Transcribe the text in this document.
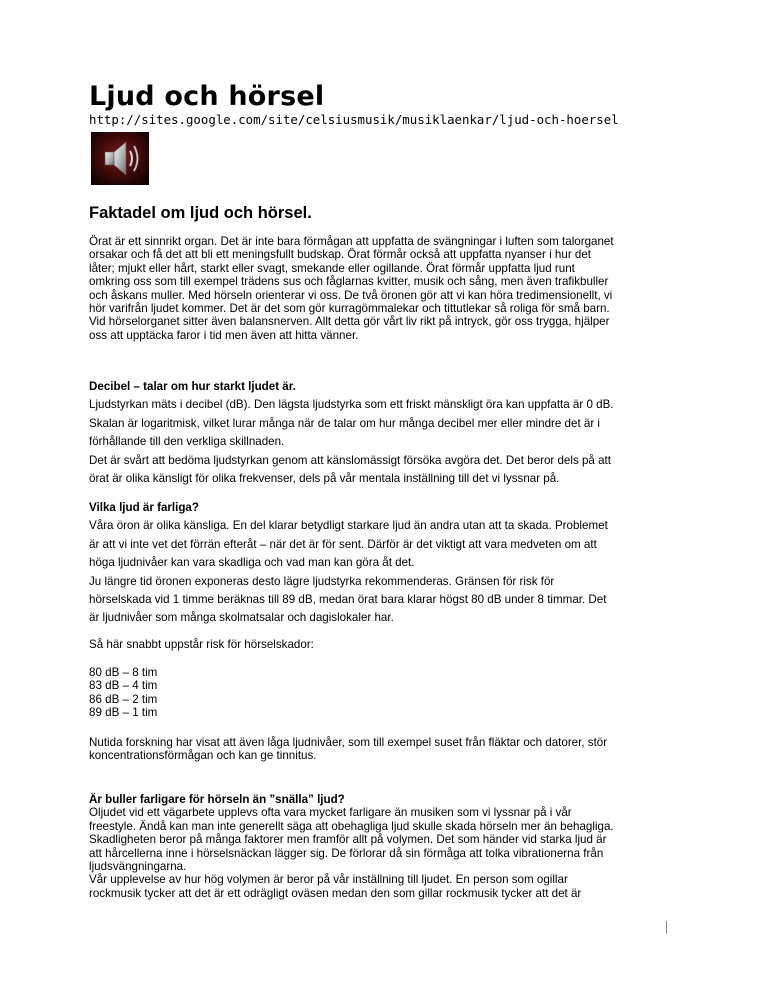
Ljud och hörsel
http://sites.google.com/site/celsiusmusik/musiklaenkar/ljud-och-hoersel
Faktadel om ljud och hörsel.

Örat är ett sinnrikt organ. Det är inte bara förmågan att uppfatta de svängningar i luften som talorganet

orsakar och få det att bli ett meningsfullt budskap. Örat förmår också att uppfatta nyanser i hur det

låter; mjukt eller hårt, starkt eller svagt, smekande eller ogillande. Örat förmår uppfatta ljud runt

omkring oss som till exempel trädens sus och fåglarnas kvitter, musik och sång, men även trafikbuller

och åskans muller. Med hörseln orienterar vi oss. De två öronen gör att vi kan höra tredimensionellt, vi

hör varifrån ljudet kommer. Det är det som gör kurragömmalekar och tittutlekar så roliga för små barn.

Vid hörselorganet sitter även balansnerven. Allt detta gör vårt liv rikt på intryck, gör oss trygga, hjälper

oss att upptäcka faror i tid men även att hitta vänner.

Decibel – talar om hur starkt ljudet är.

Ljudstyrkan mäts i decibel (dB). Den lägsta ljudstyrka som ett friskt mänskligt öra kan uppfatta är 0 dB.

Skalan är logaritmisk, vilket lurar många när de talar om hur många decibel mer eller mindre det är i

förhållande till den verkliga skillnaden.

Det är svårt att bedöma ljudstyrkan genom att känslomässigt försöka avgöra det. Det beror dels på att

örat är olika känsligt för olika frekvenser, dels på vår mentala inställning till det vi lyssnar på.

Vilka ljud är farliga?

Våra öron är olika känsliga. En del klarar betydligt starkare ljud än andra utan att ta skada. Problemet

är att vi inte vet det förrän efteråt – när det är för sent. Därför är det viktigt att vara medveten om att

höga ljudnivåer kan vara skadliga och vad man kan göra åt det.

Ju längre tid öronen exponeras desto lägre ljudstyrka rekommenderas. Gränsen för risk för

hörselskada vid 1 timme beräknas till 89 dB, medan örat bara klarar högst 80 dB under 8 timmar. Det

är ljudnivåer som många skolmatsalar och dagislokaler har.

Så här snabbt uppstår risk för hörselskador:

80 dB – 8 tim

83 dB – 4 tim

86 dB – 2 tim

89 dB – 1 tim

Nutida forskning har visat att även låga ljudnivåer, som till exempel suset från fläktar och datorer, stör

koncentrationsförmågan och kan ge tinnitus.

Är buller farligare för hörseln än ”snälla” ljud?

Oljudet vid ett vägarbete upplevs ofta vara mycket farligare än musiken som vi lyssnar på i vår

freestyle. Ändå kan man inte generellt säga att obehagliga ljud skulle skada hörseln mer än behagliga.

Skadligheten beror på många faktorer men framför allt på volymen. Det som händer vid starka ljud är

att hårcellerna inne i hörselsnäckan lägger sig. De förlorar då sin förmåga att tolka vibrationerna från

ljudsvängningarna.

Vår upplevelse av hur hög volymen är beror på vår inställning till ljudet. En person som ogillar

rockmusik tycker att det är ett odrägligt oväsen medan den som gillar rockmusik tycker att det är
